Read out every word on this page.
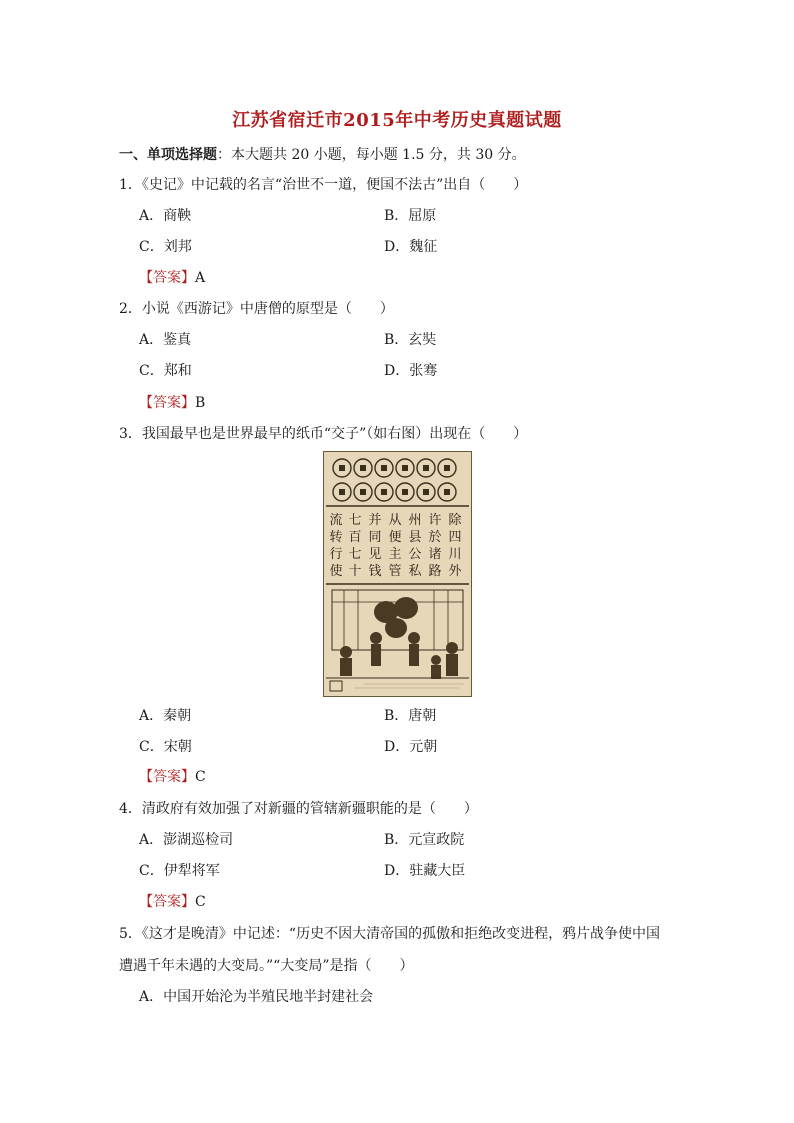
江苏省宿迁市2015年中考历史真题试题
一、单项选择题：本大题共 20 小题，每小题 1.5 分，共 30 分。
1．《史记》中记载的名言“治世不一道，便国不法古”出自（　　）
A．商鞅	B．屈原
C．刘邦	D．魏征
【答案】A
2．小说《西游记》中唐僧的原型是（　　）
A．鉴真	B．玄奘
C．郑和	D．张骞
【答案】B
3．我国最早也是世界最早的纸币“交子”（如右图）出现在（　　）
除
四
川
外
许
於
诸
路
州
县
公
私
从
便
主
管
并
同
见
钱
七
百
七
十
流
转
行
使
A．秦朝	B．唐朝
C．宋朝	D．元朝
【答案】C
4．清政府有效加强了对新疆的管辖新疆职能的是（　　）
A．澎湖巡检司	B．元宣政院
C．伊犁将军	D．驻藏大臣
【答案】C
5．《这才是晚清》中记述：“历史不因大清帝国的孤傲和拒绝改变进程，鸦片战争使中国
遭遇千年未遇的大变局。”“大变局”是指（　　）
A．中国开始沦为半殖民地半封建社会
